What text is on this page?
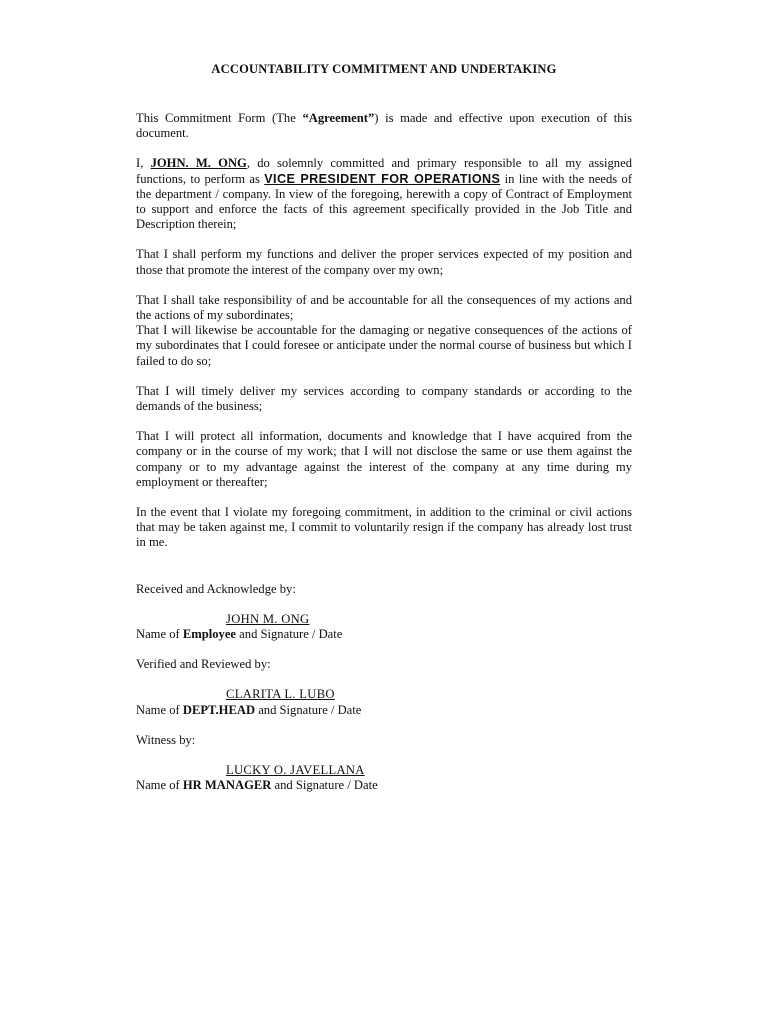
ACCOUNTABILITY COMMITMENT AND UNDERTAKING

This Commitment Form (The “Agreement”) is made and effective upon execution of this document.

I, JOHN. M. ONG, do solemnly committed and primary responsible to all my assigned functions, to perform as VICE PRESIDENT FOR OPERATIONS in line with the needs of the department / company. In view of the foregoing, herewith a copy of Contract of Employment to support and enforce the facts of this agreement specifically provided in the Job Title and Description therein;

That I shall perform my functions and deliver the proper services expected of my position and those that promote the interest of the company over my own;

That I shall take responsibility of and be accountable for all the consequences of my actions and the actions of my subordinates;

That I will likewise be accountable for the damaging or negative consequences of the actions of my subordinates that I could foresee or anticipate under the normal course of business but which I failed to do so;

That I will timely deliver my services according to company standards or according to the demands of the business;

That I will protect all information, documents and knowledge that I have acquired from the company or in the course of my work; that I will not disclose the same or use them against the company or to my advantage against the interest of the company at any time during my employment or thereafter;

In the event that I violate my foregoing commitment, in addition to the criminal or civil actions that may be taken against me, I commit to voluntarily resign if the company has already lost trust in me.

Received and Acknowledge by:

JOHN M. ONG

Name of Employee and Signature / Date

Verified and Reviewed by:

CLARITA L. LUBO

Name of DEPT.HEAD and Signature / Date

Witness by:

LUCKY O. JAVELLANA

Name of HR MANAGER and Signature / Date
